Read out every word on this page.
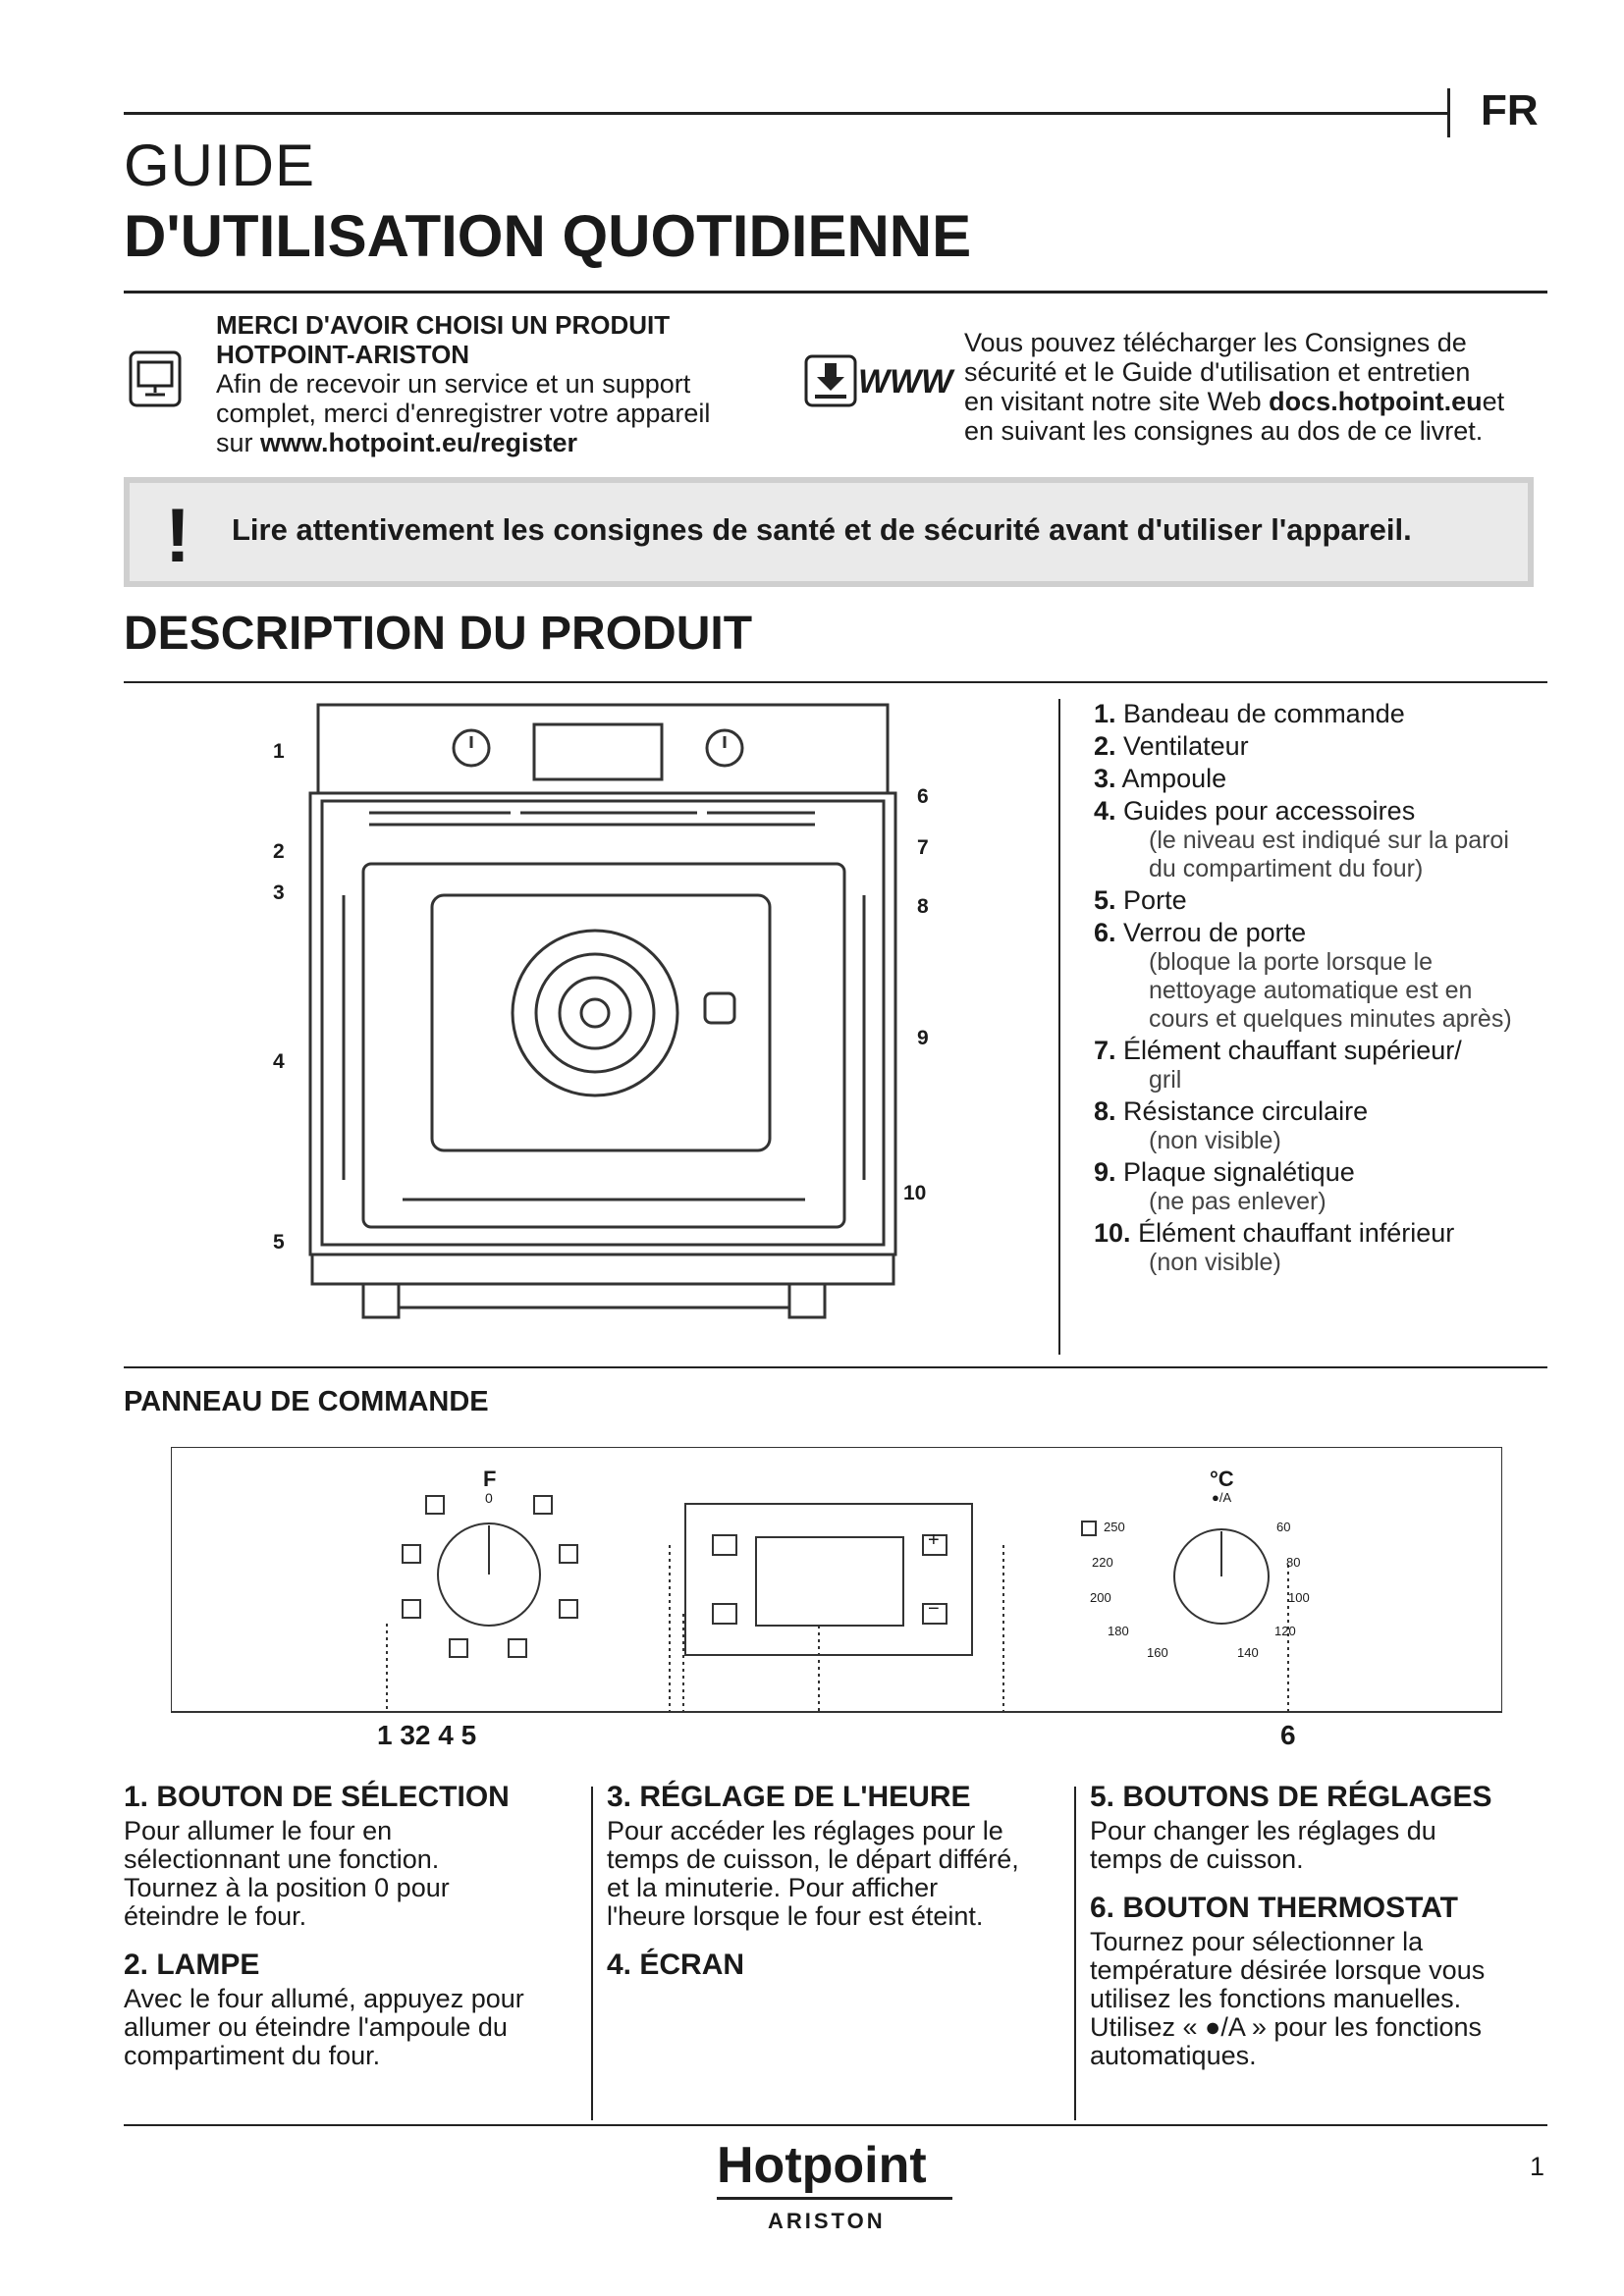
FR
GUIDE
D'UTILISATION QUOTIDIENNE
MERCI D'AVOIR CHOISI UN PRODUIT
HOTPOINT-ARISTON
Afin de recevoir un service et un support
complet, merci d'enregistrer votre appareil
sur www.hotpoint.eu/register
WWW
Vous pouvez télécharger les Consignes de
sécurité et le Guide d'utilisation et entretien
en visitant notre site Web docs.hotpoint.euet
en suivant les consignes au dos de ce livret.
! Lire attentivement les consignes de santé et de sécurité avant d'utiliser l'appareil.
DESCRIPTION DU PRODUIT
1
2
3
4
5
6
7
8
9
10
1. Bandeau de commande
2. Ventilateur
3. Ampoule
4. Guides pour accessoires
(le niveau est indiqué sur la paroi
du compartiment du four)
5. Porte
6. Verrou de porte
(bloque la porte lorsque le
nettoyage automatique est en
cours et quelques minutes après)
7. Élément chauffant supérieur/
gril
8. Résistance circulaire
(non visible)
9. Plaque signalétique
(ne pas enlever)
10. Élément chauffant inférieur
(non visible)
PANNEAU DE COMMANDE
F
0
°C
●/A
+
−
250	60
220	80
200	100
180	120
160	140
1 32 4 5	6
1. BOUTON DE SÉLECTION

Pour allumer le four en
sélectionnant une fonction.
Tournez à la position 0 pour
éteindre le four.

2. LAMPE

Avec le four allumé, appuyez pour
allumer ou éteindre l'ampoule du
compartiment du four.

3. RÉGLAGE DE L'HEURE

Pour accéder les réglages pour le
temps de cuisson, le départ différé,
et la minuterie. Pour afficher
l'heure lorsque le four est éteint.

4. ÉCRAN
5. BOUTONS DE RÉGLAGES

Pour changer les réglages du
temps de cuisson.

6. BOUTON THERMOSTAT

Tournez pour sélectionner la
température désirée lorsque vous
utilisez les fonctions manuelles.
Utilisez « ●/A » pour les fonctions
automatiques.

Hotpoint
ARISTON
1
